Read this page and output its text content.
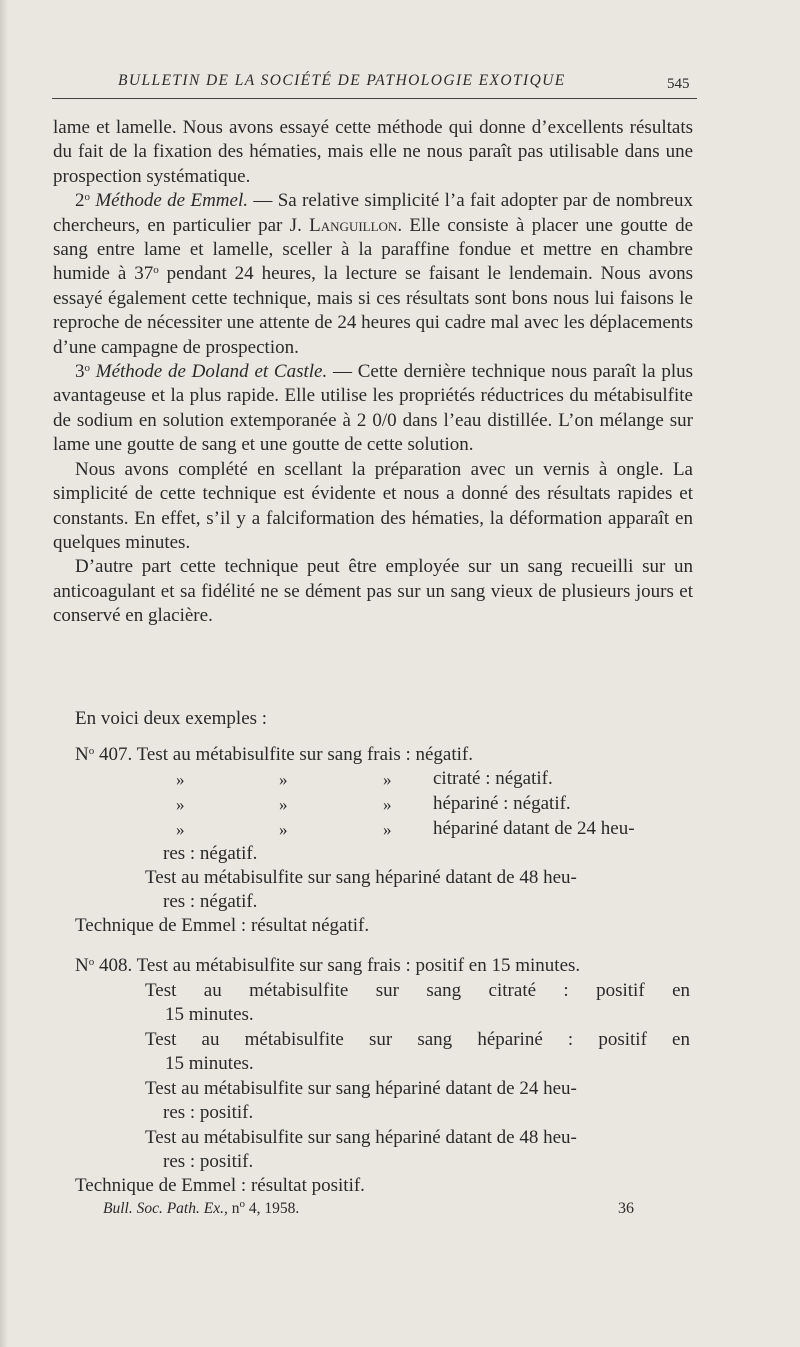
BULLETIN DE LA SOCIÉTÉ DE PATHOLOGIE EXOTIQUE	545

lame et lamelle. Nous avons essayé cette méthode qui donne d’excellents résultats du fait de la fixation des hématies, mais elle ne nous paraît pas utilisable dans une prospection systématique.

2$^o$ Méthode de Emmel. — Sa relative simplicité l’a fait adopter par de nombreux chercheurs, en particulier par J. Languillon. Elle consiste à placer une goutte de sang entre lame et lamelle, sceller à la paraffine fondue et mettre en chambre humide à 37$^o$ pendant 24 heures, la lecture se faisant le lendemain. Nous avons essayé également cette technique, mais si ces résultats sont bons nous lui faisons le reproche de nécessiter une attente de 24 heures qui cadre mal avec les déplacements d’une campagne de prospection.

3$^o$ Méthode de Doland et Castle. — Cette dernière technique nous paraît la plus avantageuse et la plus rapide. Elle utilise les propriétés réductrices du métabisulfite de sodium en solution extemporanée à 2 0/0 dans l’eau distillée. L’on mélange sur lame une goutte de sang et une goutte de cette solution.

Nous avons complété en scellant la préparation avec un vernis à ongle. La simplicité de cette technique est évidente et nous a donné des résultats rapides et constants. En effet, s’il y a falciformation des hématies, la déformation apparaît en quelques minutes.

D’autre part cette technique peut être employée sur un sang recueilli sur un anticoagulant et sa fidélité ne se dément pas sur un sang vieux de plusieurs jours et conservé en glacière.

En voici deux exemples :
$N^o$ 407. Test au métabisulfite sur sang frais : négatif.
»	»	» citraté : négatif.
»	»	» hépariné : négatif.
»	»	» hépariné datant de 24 heu-
res : négatif.
Test au métabisulfite sur sang hépariné datant de 48 heu-
res : négatif.
Technique de Emmel : résultat négatif.
$N^o$ 408. Test au métabisulfite sur sang frais : positif en 15 minutes.
Test au métabisulfite sur sang citraté : positif en
15 minutes.
Test au métabisulfite sur sang hépariné : positif en
15 minutes.
Test au métabisulfite sur sang hépariné datant de 24 heu-
res : positif.
Test au métabisulfite sur sang hépariné datant de 48 heu-
res : positif.
Technique de Emmel : résultat positif.
Bull. Soc. Path. Ex., $n^o$ 4, 1958.	36
